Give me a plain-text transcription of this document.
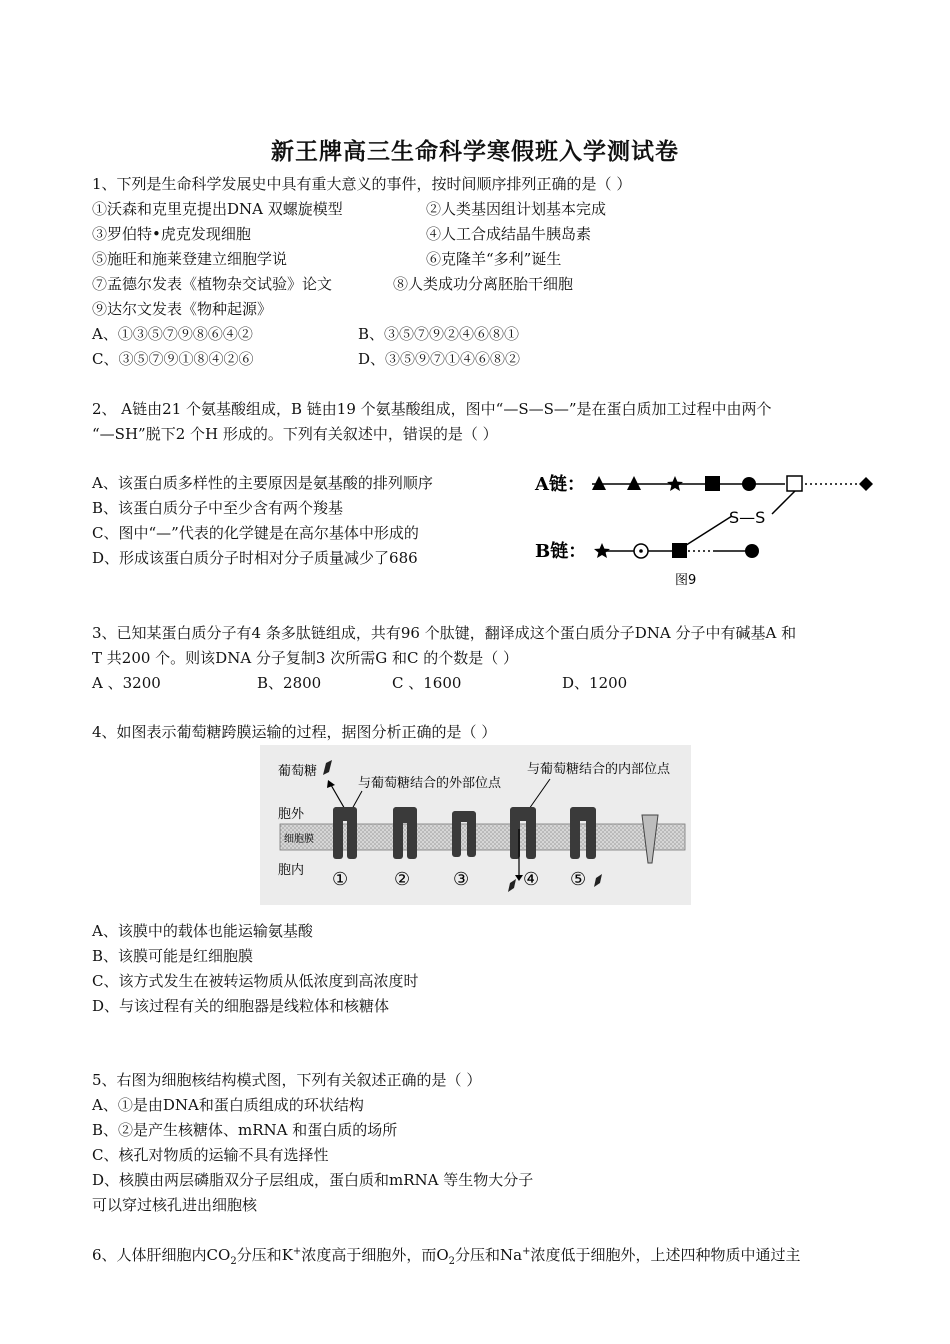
新王牌高三生命科学寒假班入学测试卷
1、下列是生命科学发展史中具有重大意义的事件，按时间顺序排列正确的是（ ）
①沃森和克里克提出DNA 双螺旋模型	②人类基因组计划基本完成
③罗伯特•虎克发现细胞	④人工合成结晶牛胰岛素
⑤施旺和施莱登建立细胞学说	⑥克隆羊“多利”诞生
⑦孟德尔发表《植物杂交试验》论文	⑧人类成功分离胚胎干细胞
⑨达尔文发表《物种起源》
A、①③⑤⑦⑨⑧⑥④②	B、③⑤⑦⑨②④⑥⑧①
C、③⑤⑦⑨①⑧④②⑥	D、③⑤⑨⑦①④⑥⑧②
2、 A链由21 个氨基酸组成，B 链由19 个氨基酸组成，图中“—S—S—”是在蛋白质加工过程中由两个
“—SH”脱下2 个H 形成的。下列有关叙述中，错误的是（ ）
A、该蛋白质多样性的主要原因是氨基酸的排列顺序
B、该蛋白质分子中至少含有两个羧基
C、图中“—”代表的化学键是在高尔基体中形成的
D、形成该蛋白质分子时相对分子质量减少了686
A链：
S—S
B链：
图9
3、已知某蛋白质分子有4 条多肽链组成，共有96 个肽键，翻译成这个蛋白质分子DNA 分子中有碱基A 和
T 共200 个。则该DNA 分子复制3 次所需G 和C 的个数是（ ）
A 、3200	B、2800	C 、1600	D、1200
4、如图表示葡萄糖跨膜运输的过程，据图分析正确的是（ ）
葡萄糖
与葡萄糖结合的外部位点
与葡萄糖结合的内部位点
胞外
细胞膜
胞内 ①	② ③	④ ⑤
A、该膜中的载体也能运输氨基酸
B、该膜可能是红细胞膜
C、该方式发生在被转运物质从低浓度到高浓度时
D、与该过程有关的细胞器是线粒体和核糖体
5、右图为细胞核结构模式图，下列有关叙述正确的是（ ）
A、①是由DNA和蛋白质组成的环状结构
B、②是产生核糖体、mRNA 和蛋白质的场所
C、核孔对物质的运输不具有选择性
D、核膜由两层磷脂双分子层组成，蛋白质和mRNA 等生物大分子
可以穿过核孔进出细胞核
6、人体肝细胞内$CO_2$分压和K+浓度高于细胞外，而$O_2$分压和Na+浓度低于细胞外，上述四种物质中通过主
